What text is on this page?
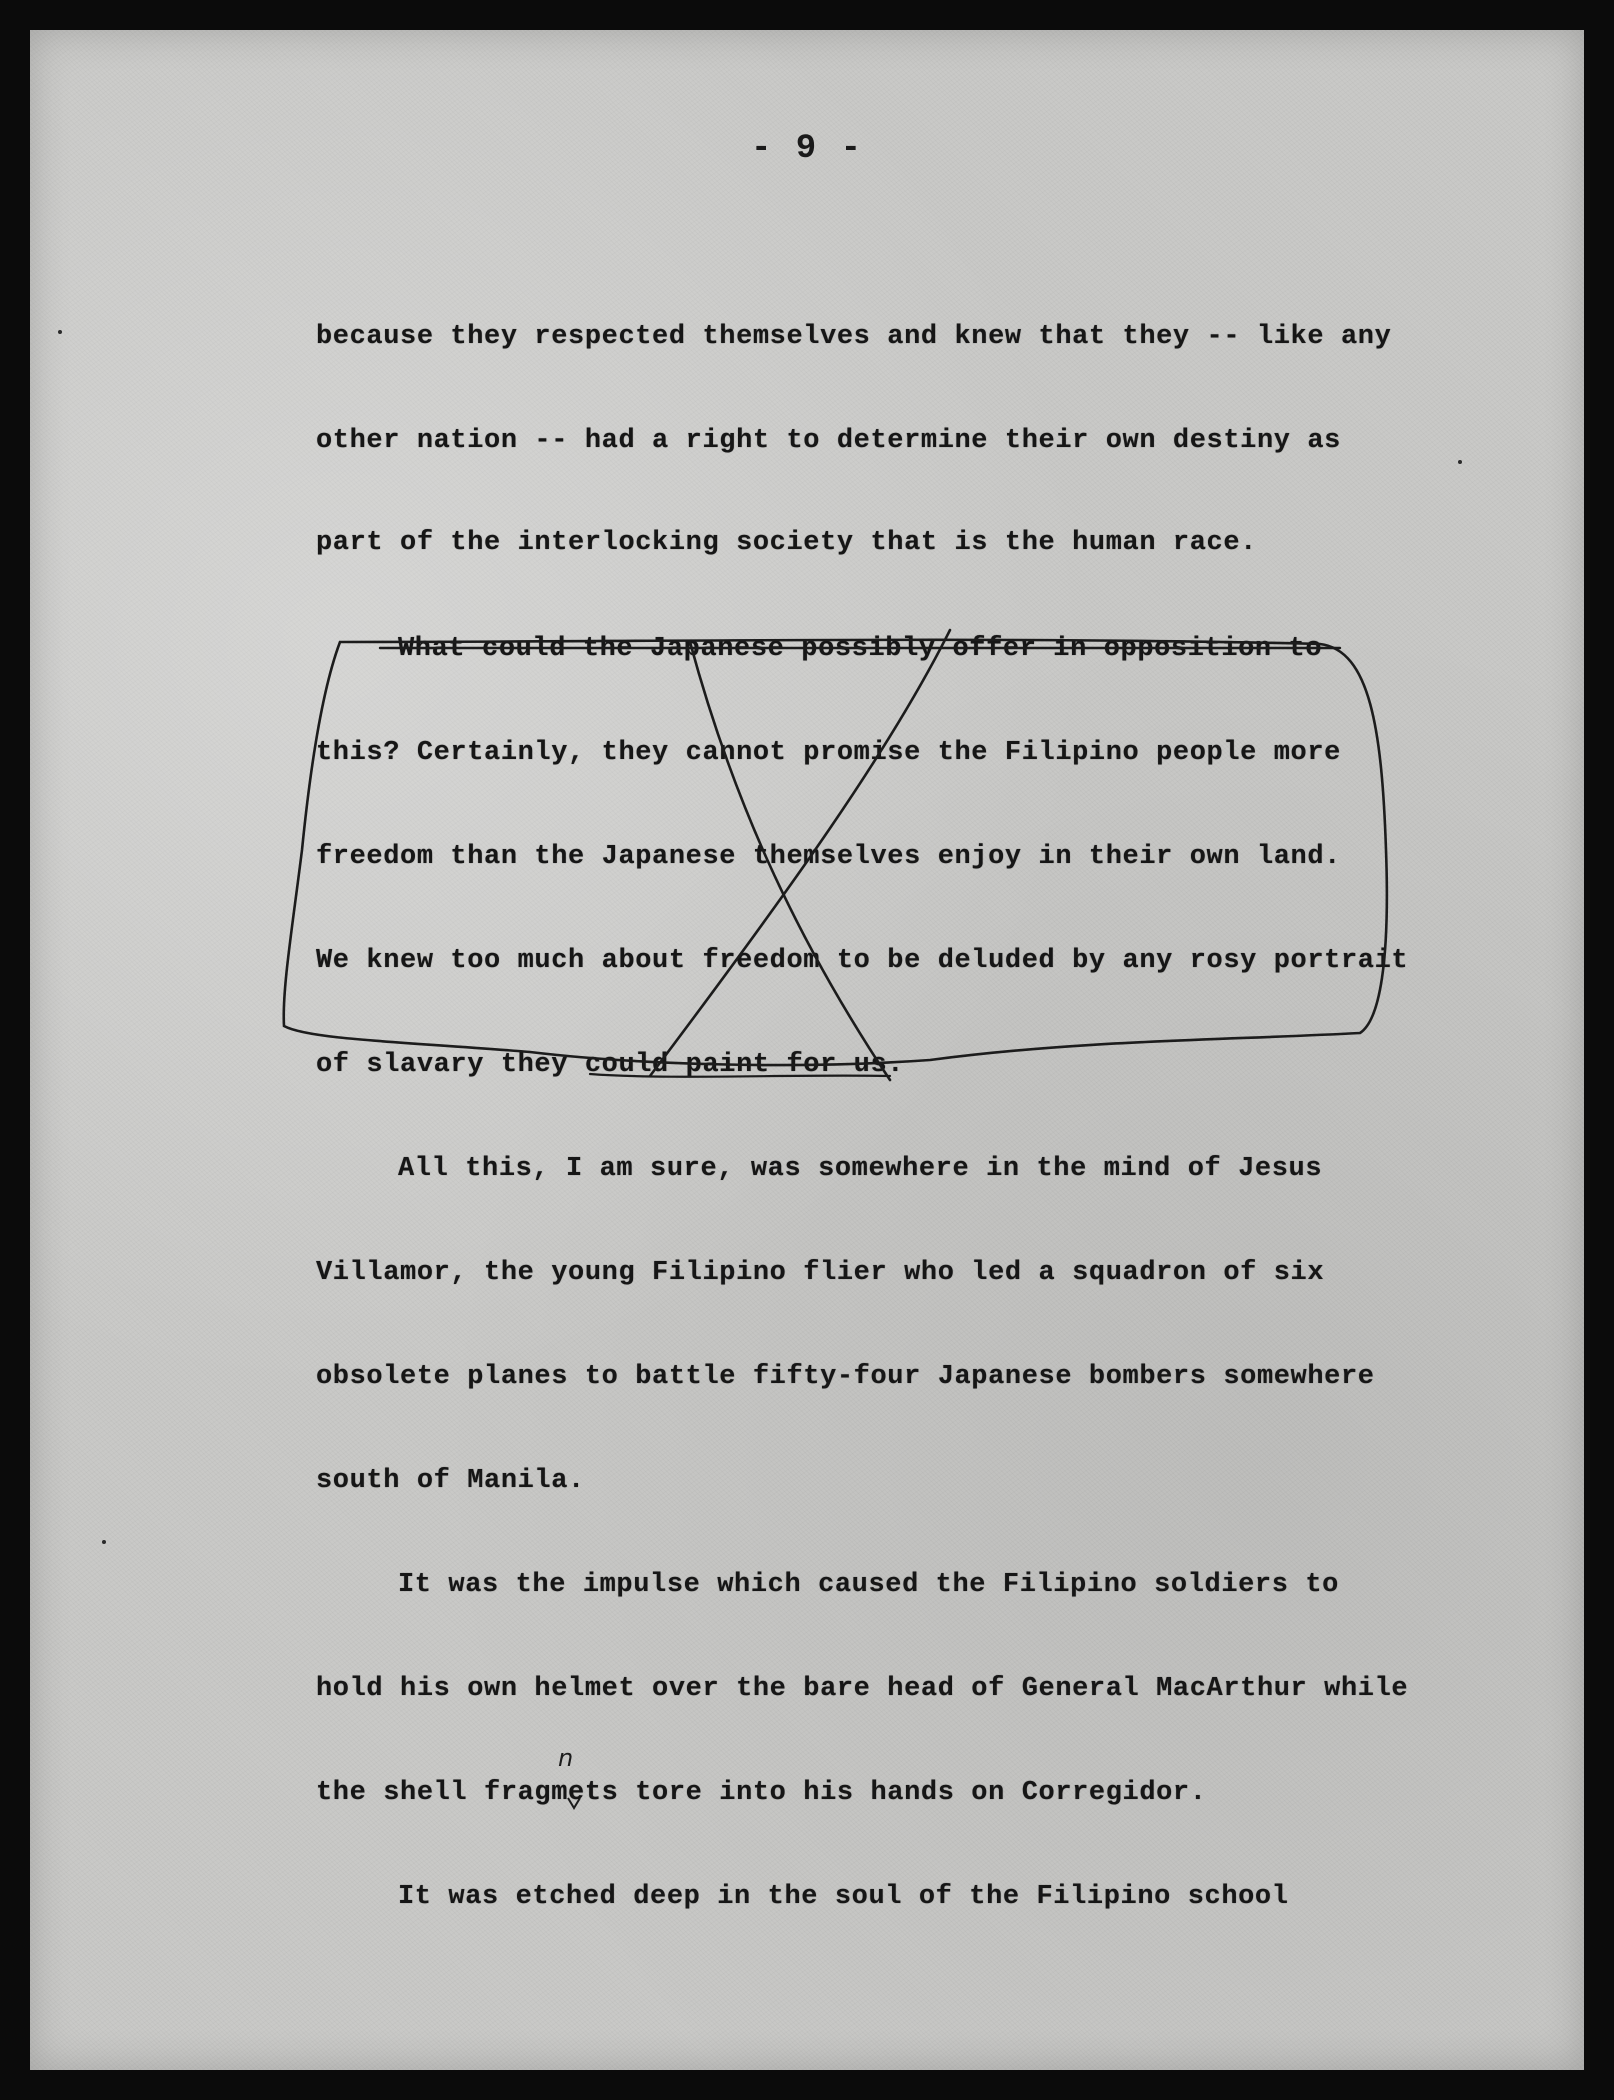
- 9 -
because they respected themselves and knew that they -- like any
other nation -- had a right to determine their own destiny as
part of the interlocking society that is the human race.
What could the Japanese possibly offer in opposition to
this? Certainly, they cannot promise the Filipino people more
freedom than the Japanese themselves enjoy in their own land.
We knew too much about freedom to be deluded by any rosy portrait
of slavary they could paint for us.
All this, I am sure, was somewhere in the mind of Jesus
Villamor, the young Filipino flier who led a squadron of six
obsolete planes to battle fifty-four Japanese bombers somewhere
south of Manila.
It was the impulse which caused the Filipino soldiers to
hold his own helmet over the bare head of General MacArthur while
the shell fragmets tore into his hands on Corregidor.
It was etched deep in the soul of the Filipino school
n
